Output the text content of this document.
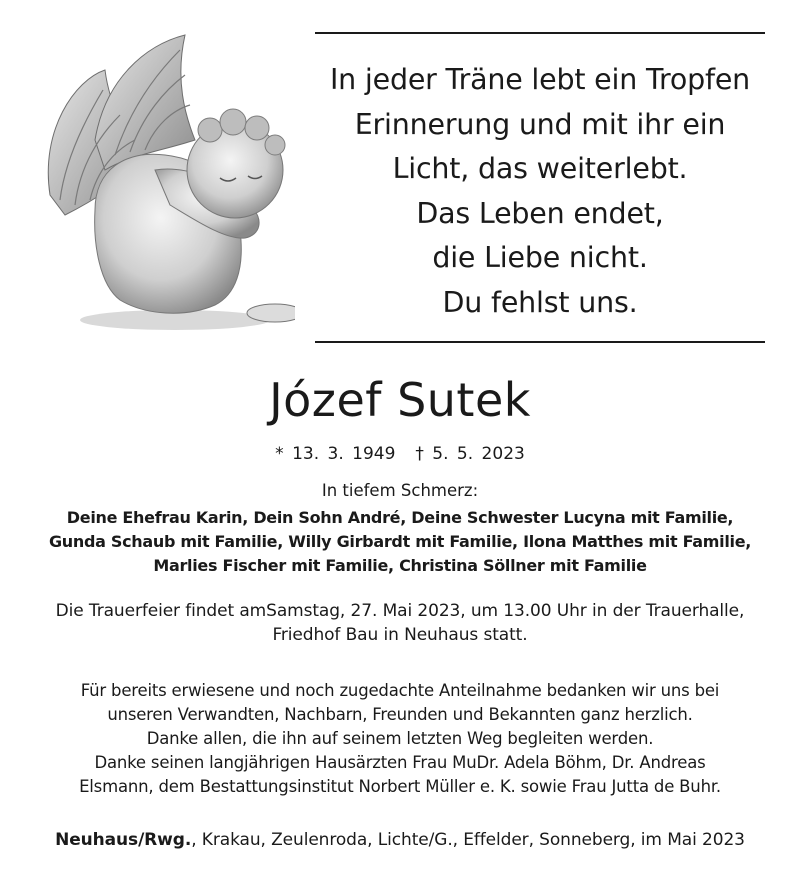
In jeder Träne lebt ein Tropfen
Erinnerung und mit ihr ein
Licht, das weiterlebt.
Das Leben endet,
die Liebe nicht.
Du fehlst uns.
Józef Sutek
* 13. 3. 1949 † 5. 5. 2023
In tiefem Schmerz:
Deine Ehefrau Karin, Dein Sohn André, Deine Schwester Lucyna mit Familie,
Gunda Schaub mit Familie, Willy Girbardt mit Familie, Ilona Matthes mit Familie,
Marlies Fischer mit Familie, Christina Söllner mit Familie
Die Trauerfeier findet amSamstag, 27. Mai 2023, um 13.00 Uhr in der Trauerhalle,
Friedhof Bau in Neuhaus statt.
Für bereits erwiesene und noch zugedachte Anteilnahme bedanken wir uns bei
unseren Verwandten, Nachbarn, Freunden und Bekannten ganz herzlich.
Danke allen, die ihn auf seinem letzten Weg begleiten werden.
Danke seinen langjährigen Hausärzten Frau MuDr. Adela Böhm, Dr. Andreas
Elsmann, dem Bestattungsinstitut Norbert Müller e. K. sowie Frau Jutta de Buhr.
Neuhaus/Rwg., Krakau, Zeulenroda, Lichte/G., Effelder, Sonneberg, im Mai 2023
